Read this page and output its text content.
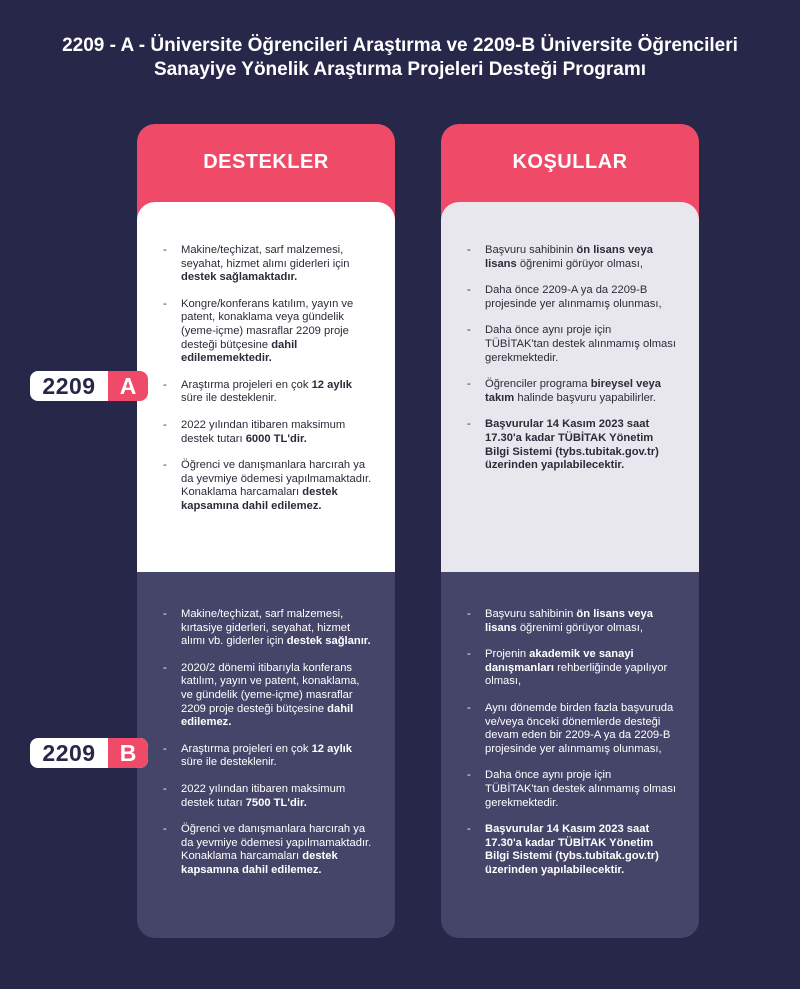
2209 - A - Üniversite Öğrencileri Araştırma ve 2209-B Üniversite Öğrencileri
Sanayiye Yönelik Araştırma Projeleri Desteği Programı
DESTEKLER
- Makine/teçhizat, sarf malzemesi, seyahat, hizmet alımı giderleri için destek sağlamaktadır.
- Kongre/konferans katılım, yayın ve patent, konaklama veya gündelik (yeme-içme) masraflar 2209 proje desteği bütçesine dahil edilememektedir.
- Araştırma projeleri en çok 12 aylık süre ile desteklenir.
- 2022 yılından itibaren maksimum destek tutarı 6000 TL'dir.
- Öğrenci ve danışmanlara harcırah ya da yevmiye ödemesi yapılmamaktadır. Konaklama harcamaları destek kapsamına dahil edilemez.
- Makine/teçhizat, sarf malzemesi, kırtasiye giderleri, seyahat, hizmet alımı vb. giderler için destek sağlanır.
- 2020/2 dönemi itibarıyla konferans katılım, yayın ve patent, konaklama, ve gündelik (yeme-içme) masraflar 2209 proje desteği bütçesine dahil edilemez.
- Araştırma projeleri en çok 12 aylık süre ile desteklenir.
- 2022 yılından itibaren maksimum destek tutarı 7500 TL'dir.
- Öğrenci ve danışmanlara harcırah ya da yevmiye ödemesi yapılmamaktadır. Konaklama harcamaları destek kapsamına dahil edilemez.
KOŞULLAR
- Başvuru sahibinin ön lisans veya lisans öğrenimi görüyor olması,
- Daha önce 2209-A ya da 2209-B projesinde yer alınmamış olunması,
- Daha önce aynı proje için TÜBİTAK'tan destek alınmamış olması gerekmektedir.
- Öğrenciler programa bireysel veya takım halinde başvuru yapabilirler.
- Başvurular 14 Kasım 2023 saat 17.30'a kadar TÜBİTAK Yönetim Bilgi Sistemi (tybs.tubitak.gov.tr) üzerinden yapılabilecektir.
- Başvuru sahibinin ön lisans veya lisans öğrenimi görüyor olması,
- Projenin akademik ve sanayi danışmanları rehberliğinde yapılıyor olması,
- Aynı dönemde birden fazla başvuruda ve/veya önceki dönemlerde desteği devam eden bir 2209-A ya da 2209-B projesinde yer alınmamış olunması,
- Daha önce aynı proje için TÜBİTAK'tan destek alınmamış olması gerekmektedir.
- Başvurular 14 Kasım 2023 saat 17.30'a kadar TÜBİTAK Yönetim Bilgi Sistemi (tybs.tubitak.gov.tr) üzerinden yapılabilecektir.
2209	A
2209	B
